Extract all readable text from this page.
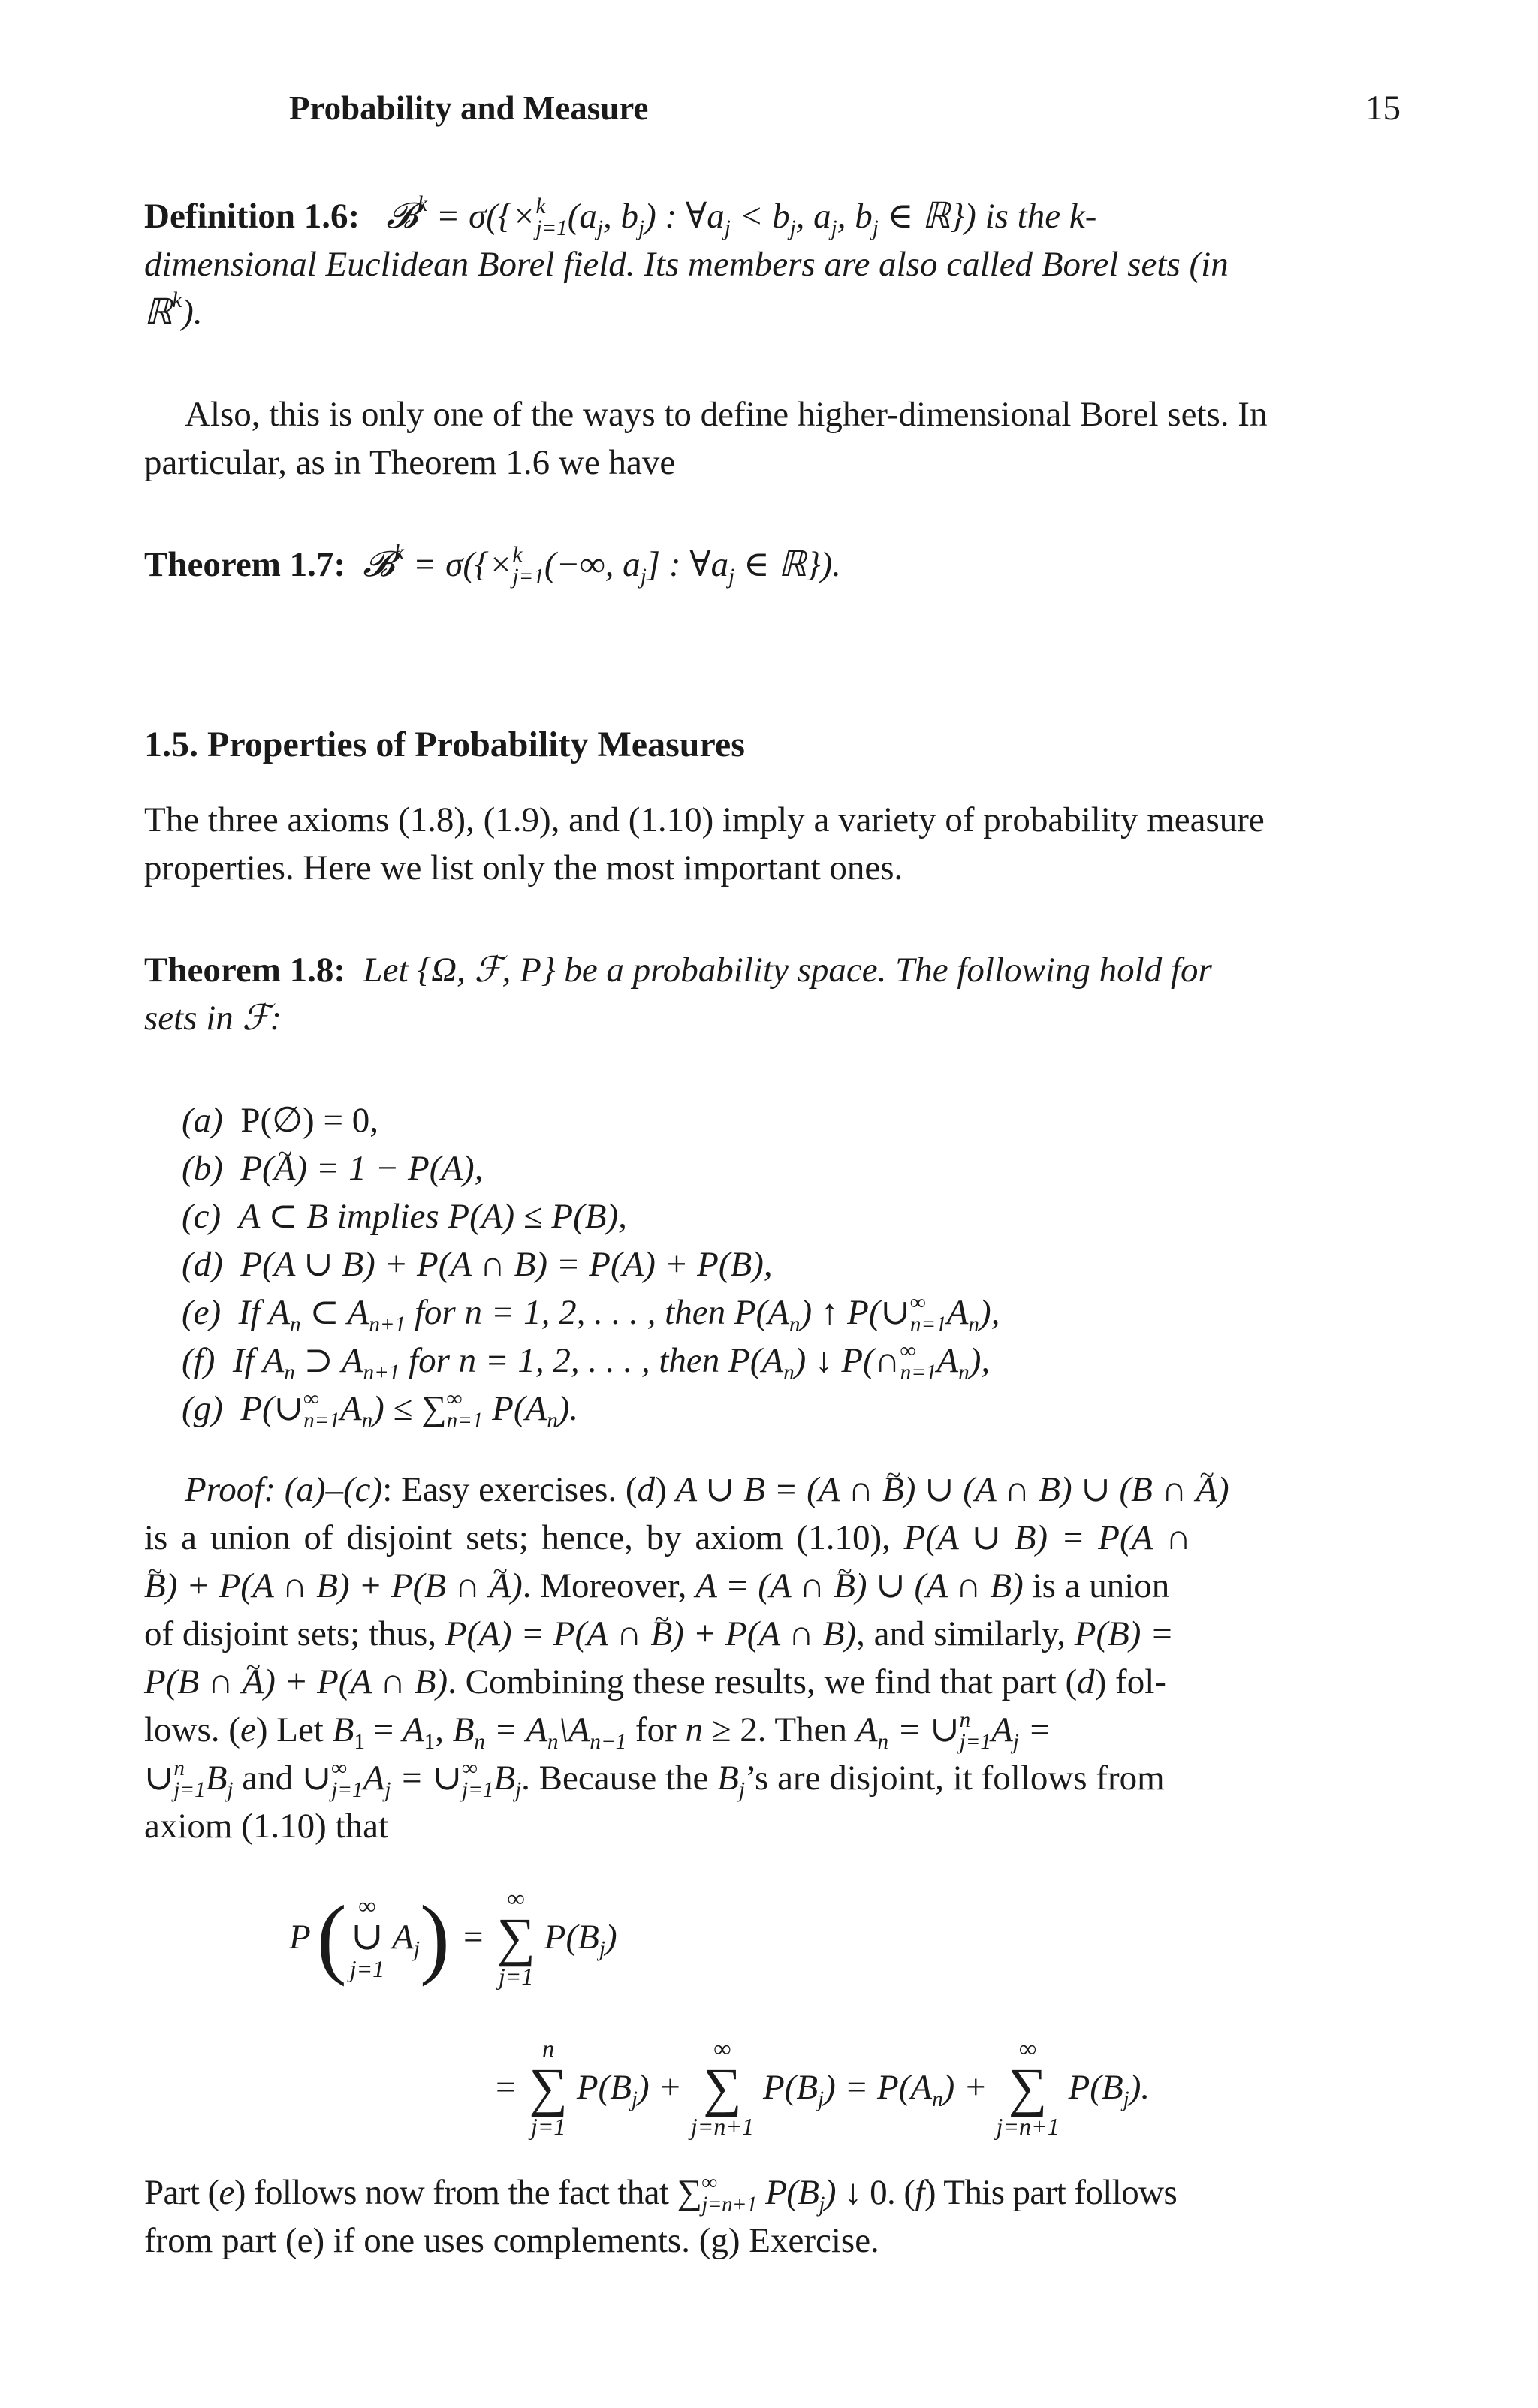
Probability and Measure	15
Definition 1.6:   𝓑$^k$ = σ({× k
j=1 ($a_j$, $b_j$) : $\forall a_j < b_j$, $a_j$, $b_j$ ∈ ℝ}) is the k-
dimensional Euclidean Borel field. Its members are also called Borel sets (in
ℝ$^k$).
Also, this is only one of the ways to define higher-dimensional Borel sets. In
particular, as in Theorem 1.6 we have
Theorem 1.7:  𝓑$^k$ = σ({× k
j=1 (−∞, $a_j$] : $\forall a_j$ ∈ ℝ}).
1.5. Properties of Probability Measures
The three axioms (1.8), (1.9), and (1.10) imply a variety of probability measure
properties. Here we list only the most important ones.
Theorem 1.8: Let {Ω, ℱ, P} be a probability space. The following hold for
sets in ℱ:
(a)  P(∅) = 0,
(b) P(A ~) = 1 − P(A),
(c) A ⊂ B implies P(A) ≤ P(B),
(d) P(A ∪ B) + P(A ∩ B) = P(A) + P(B),
(e) If $A_n$ ⊂ $A_{n+1}$ for n = 1, 2, . . . , then $P(A_n)$ ↑ P(∪ ∞
n=1 $A_n$),
(f) If $A_n$ ⊃ $A_{n+1}$ for n = 1, 2, . . . , then $P(A_n)$ ↓ P(∩ ∞
n=1 $A_n$),
(g) P(∪ ∞
n=1 $A_n$) ≤ ∑ ∞
n=1 $P(A_n)$.
Proof: (a)–(c): Easy exercises. (d) A ∪ B = (A ∩ B ~) ∪ (A ∩ B) ∪ (B ∩ A ~)
is a union of disjoint sets; hence, by axiom (1.10), P(A ∪ B) = P(A ∩
B ~) + P(A ∩ B) + P(B ∩ A ~). Moreover, A = (A ∩ B ~) ∪ (A ∩ B) is a union
of disjoint sets; thus, P(A) = P(A ∩ B ~) + P(A ∩ B), and similarly, P(B) =
P(B ∩ A ~) + P(A ∩ B). Combining these results, we find that part (d) fol-
lows. (e) Let $B_1 = A_1$, $B_n$ = $A_n\backslash A_{n-1}$ for n ≥ 2. Then $A_n$ = ∪ n
j=1 $A_j$ =
∪ n
j=1 $B_j$ and ∪ ∞
j=1 $A_j$ = ∪ ∞
j=1 $B_j$. Because the $B_j’s$ are disjoint, it follows from
axiom (1.10) that
P ( ∞
∪
j=1
$A_j$ ) =
∞
∑
j=1
$P(B_j)$
=
n
∑
j=1
$P(B_j)$ +
∞
∑
j=n+1
$P(B_j) = P(A_n)$ +
∞
∑
j=n+1
$P(B_j)$.
Part (e) follows now from the fact that ∑ ∞
j=n+1 $P(B_j)$ ↓ 0. (f) This part follows
from part (e) if one uses complements. (g) Exercise.
